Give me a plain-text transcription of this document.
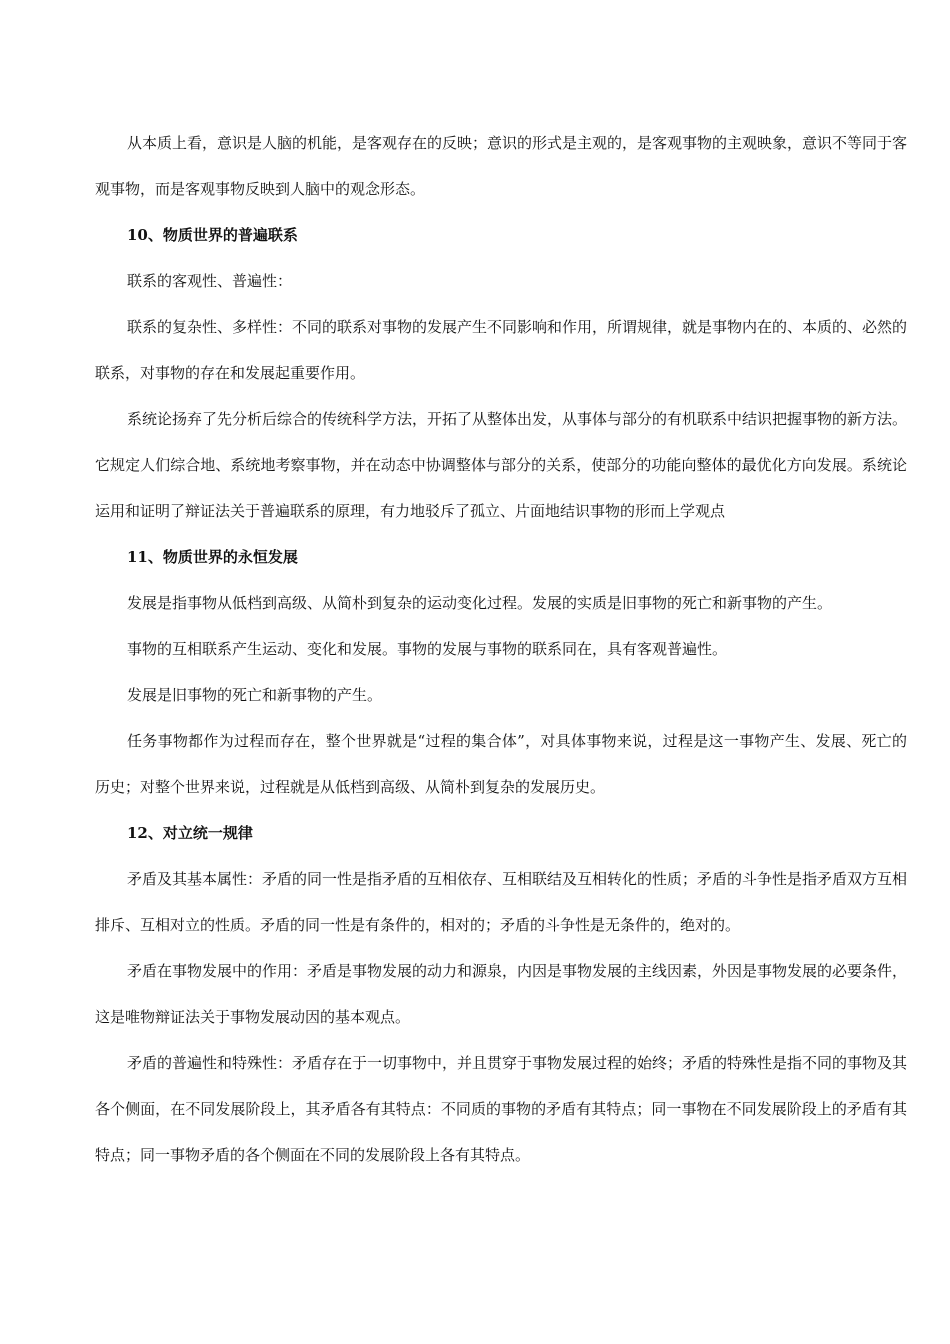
从本质上看，意识是人脑的机能，是客观存在的反映；意识的形式是主观的，是客观事物的主观映象，意识不等同于客观事物，而是客观事物反映到人脑中的观念形态。

10、物质世界的普遍联系

联系的客观性、普遍性：

联系的复杂性、多样性：不同的联系对事物的发展产生不同影响和作用，所谓规律，就是事物内在的、本质的、必然的联系，对事物的存在和发展起重要作用。

系统论扬弃了先分析后综合的传统科学方法，开拓了从整体出发，从事体与部分的有机联系中结识把握事物的新方法。它规定人们综合地、系统地考察事物，并在动态中协调整体与部分的关系，使部分的功能向整体的最优化方向发展。系统论运用和证明了辩证法关于普遍联系的原理，有力地驳斥了孤立、片面地结识事物的形而上学观点

11、物质世界的永恒发展

发展是指事物从低档到高级、从简朴到复杂的运动变化过程。发展的实质是旧事物的死亡和新事物的产生。

事物的互相联系产生运动、变化和发展。事物的发展与事物的联系同在，具有客观普遍性。

发展是旧事物的死亡和新事物的产生。

任务事物都作为过程而存在，整个世界就是“过程的集合体”，对具体事物来说，过程是这一事物产生、发展、死亡的历史；对整个世界来说，过程就是从低档到高级、从简朴到复杂的发展历史。

12、对立统一规律

矛盾及其基本属性：矛盾的同一性是指矛盾的互相依存、互相联结及互相转化的性质；矛盾的斗争性是指矛盾双方互相排斥、互相对立的性质。矛盾的同一性是有条件的，相对的；矛盾的斗争性是无条件的，绝对的。

矛盾在事物发展中的作用：矛盾是事物发展的动力和源泉，内因是事物发展的主线因素，外因是事物发展的必要条件，这是唯物辩证法关于事物发展动因的基本观点。

矛盾的普遍性和特殊性：矛盾存在于一切事物中，并且贯穿于事物发展过程的始终；矛盾的特殊性是指不同的事物及其各个侧面，在不同发展阶段上，其矛盾各有其特点：不同质的事物的矛盾有其特点；同一事物在不同发展阶段上的矛盾有其特点；同一事物矛盾的各个侧面在不同的发展阶段上各有其特点。
